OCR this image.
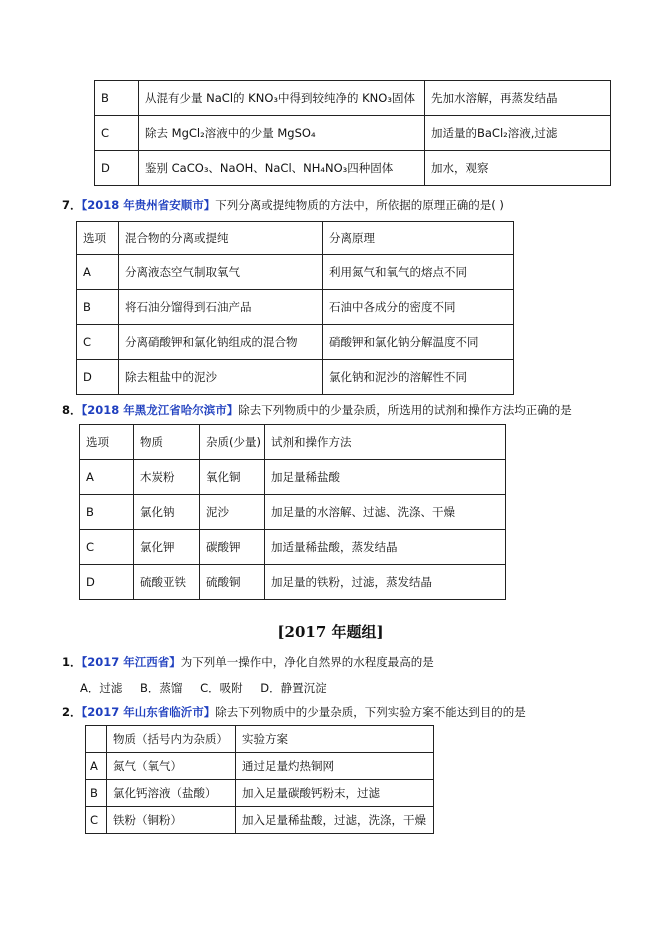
B	从混有少量 NaCl的 KNO₃中得到较纯净的 KNO₃固体	先加水溶解，再蒸发结晶
C	除去 MgCl₂溶液中的少量 MgSO₄	加适量的BaCl₂溶液,过滤
D	鉴别 CaCO₃、NaOH、NaCl、NH₄NO₃四种固体	加水，观察
7．【2018 年贵州省安顺市】下列分离或提纯物质的方法中，所依据的原理正确的是( )
选项	混合物的分离或提纯	分离原理
A	分离液态空气制取氧气	利用氮气和氧气的熔点不同
B	将石油分馏得到石油产品	石油中各成分的密度不同
C	分离硝酸钾和氯化钠组成的混合物	硝酸钾和氯化钠分解温度不同
D	除去粗盐中的泥沙	氯化钠和泥沙的溶解性不同
8．【2018 年黑龙江省哈尔滨市】除去下列物质中的少量杂质，所选用的试剂和操作方法均正确的是
选项	物质	杂质(少量)	试剂和操作方法
A	木炭粉	氧化铜	加足量稀盐酸
B	氯化钠	泥沙	加足量的水溶解、过滤、洗涤、干燥
C	氯化钾	碳酸钾	加适量稀盐酸，蒸发结晶
D	硫酸亚铁	硫酸铜	加足量的铁粉，过滤，蒸发结晶
[2017 年题组]
1．【2017 年江西省】为下列单一操作中，净化自然界的水程度最高的是
A．过滤 B．蒸馏 C．吸附 D．静置沉淀
2．【2017 年山东省临沂市】除去下列物质中的少量杂质，下列实验方案不能达到目的的是
	物质（括号内为杂质）	实验方案
A	氮气（氧气）	通过足量灼热铜网
B	氯化钙溶液（盐酸）	加入足量碳酸钙粉末，过滤
C	铁粉（铜粉）	加入足量稀盐酸，过滤，洗涤，干燥
